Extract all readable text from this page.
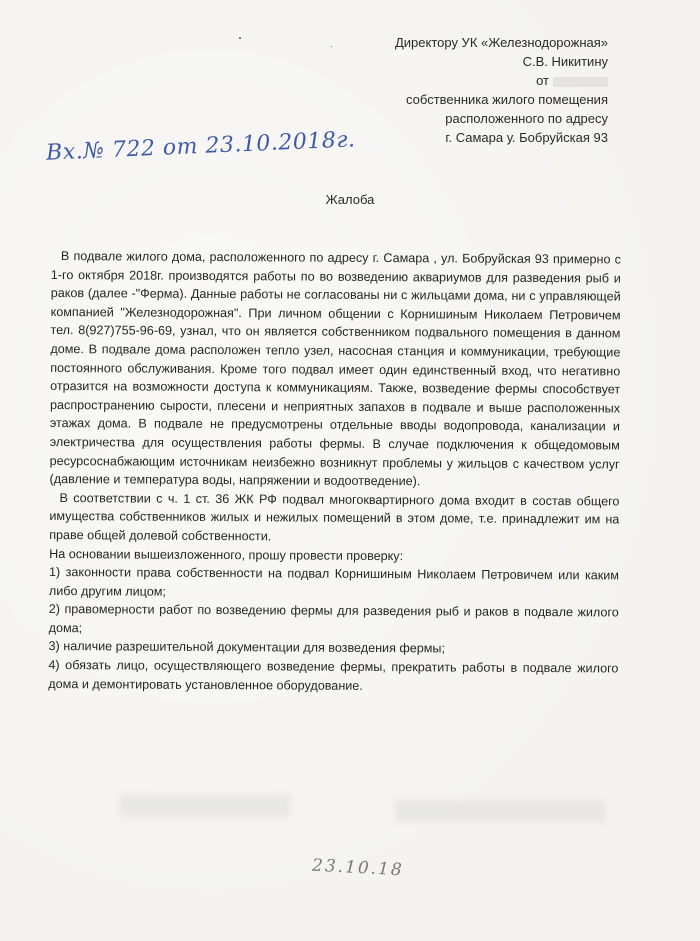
Директору УК «Железнодорожная»
С.В. Никитину
от
собственника жилого помещения
расположенного по адресу
г. Самара у. Бобруйская 93
Вх.№ 722 от 23.10.2018г.
Жалоба

В подвале жилого дома, расположенного по адресу г. Самара , ул. Бобруйская 93 примерно с 1-го октября 2018г. производятся работы по во возведению аквариумов для разведения рыб и раков (далее -"Ферма). Данные работы не согласованы ни с жильцами дома, ни с управляющей компанией "Железнодорожная". При личном общении с Корнишиным Николаем Петровичем тел. 8(927)755-96-69, узнал, что он является собственником подвального помещения в данном доме. В подвале дома расположен тепло узел, насосная станция и коммуникации, требующие постоянного обслуживания. Кроме того подвал имеет один единственный вход, что негативно отразится на возможности доступа к коммуникациям. Также, возведение фермы способствует распространению сырости, плесени и неприятных запахов в подвале и выше расположенных этажах дома. В подвале не предусмотрены отдельные вводы водопровода, канализации и электричества для осуществления работы фермы. В случае подключения к общедомовым ресурсоснабжающим источникам неизбежно возникнут проблемы у жильцов с качеством услуг (давление и температура воды, напряжении и водоотведение).

В соответствии с ч. 1 ст. 36 ЖК РФ подвал многоквартирного дома входит в состав общего имущества собственников жилых и нежилых помещений в этом доме, т.е. принадлежит им на праве общей долевой собственности.

На основании вышеизложенного, прошу провести проверку:

1) законности права собственности на подвал Корнишиным Николаем Петровичем или каким либо другим лицом;

2) правомерности работ по возведению фермы для разведения рыб и раков в подвале жилого дома;

3) наличие разрешительной документации для возведения фермы;

4) обязать лицо, осуществляющего возведение фермы, прекратить работы в подвале жилого дома и демонтировать установленное оборудование.

23.10.18
